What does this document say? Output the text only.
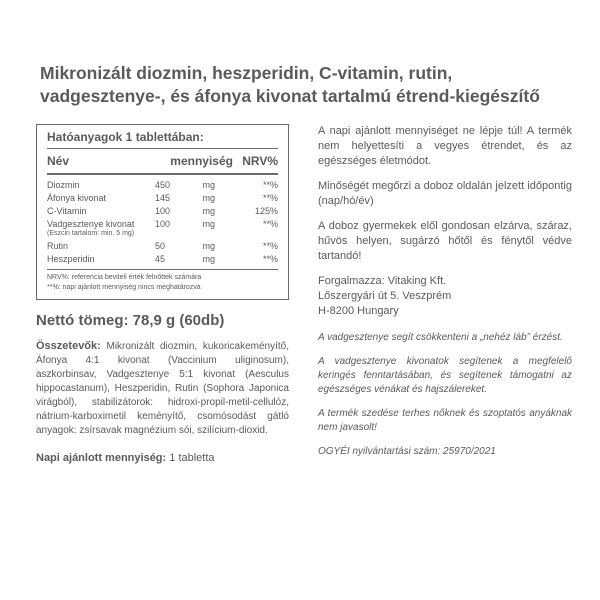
Mikronizált diozmin, heszperidin, C-vitamin, rutin, vadgesztenye-, és áfonya kivonat tartalmú étrend-kiegészítő
Hatóanyagok 1 tablettában:
Név	mennyiség NRV%
Diozmin	450	mg	**%
Áfonya kivonat	145	mg	**%
C-Vitamin	100	mg	125%
Vadgesztenye kivonat	100	mg	**%
(Eszcin tartalom: min. 5 mg)
Rutin	50	mg	**%
Heszperidin	45	mg	**%
NRV%: referencia beviteli érték felnőttek számára
**%: napi ajánlott mennyiség nincs meghatározva
Nettó tömeg: 78,9 g (60db)
Összetevők: Mikronizált diozmin, kukoricakeményítő, Áfonya 4:1 kivonat (Vaccinium uliginosum), aszkorbinsav, Vadgesztenye 5:1 kivonat (Aesculus hippocastanum), Heszperidin, Rutin (Sophora Japonica virágból), stabilizátorok: hidroxi-propil-metil-cellulóz, nátrium-karboximetil keményítő, csomósodást gátló anyagok: zsírsavak magnézium sói, szilícium-dioxid.
Napi ajánlott mennyiség: 1 tabletta
A napi ajánlott mennyiséget ne lépje túl! A termék nem helyettesíti a vegyes étrendet, és az egészséges életmódot.
Minőségét megőrzi a doboz oldalán jelzett időpontig (nap/hó/év)
A doboz gyermekek elől gondosan elzárva, száraz, hűvös helyen, sugárzó hőtől és fénytől védve tartandó!
Forgalmazza: Vitaking Kft.
Lőszergyári út 5. Veszprém
H-8200 Hungary
A vadgesztenye segít csökkenteni a „nehéz láb” érzést.
A vadgesztenye kivonatok segítenek a megfelelő keringés fenntartásában, és segítenek támogatni az egészséges vénákat és hajszálereket.
A termék szedése terhes nőknek és szoptatós anyáknak nem javasolt!
OGYÉI nyilvántartási szám: 25970/2021
